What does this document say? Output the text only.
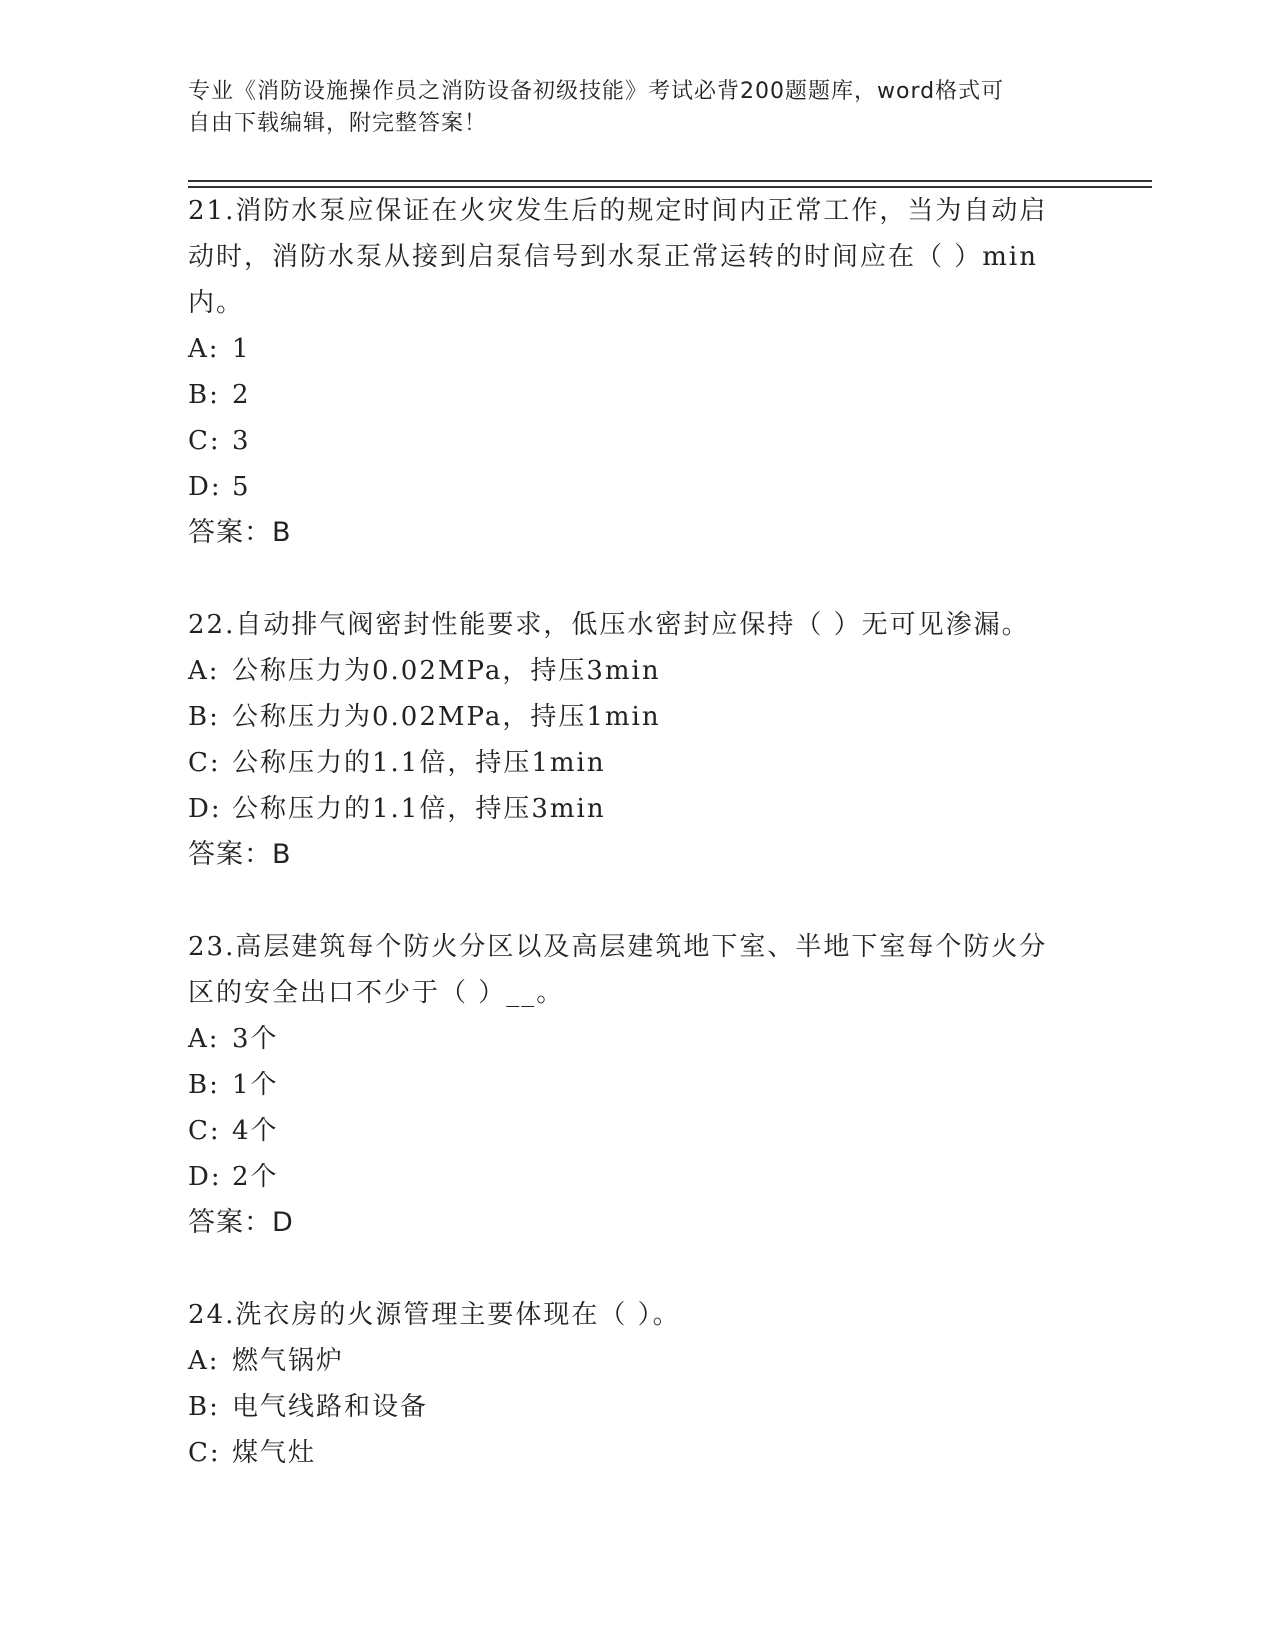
专业《消防设施操作员之消防设备初级技能》考试必背200题题库，word格式可
自由下载编辑，附完整答案！
21.消防水泵应保证在火灾发生后的规定时间内正常工作，当为自动启
动时，消防水泵从接到启泵信号到水泵正常运转的时间应在（ ）min
内。
A: 1
B: 2
C: 3
D: 5
答案：B
22.自动排气阀密封性能要求，低压水密封应保持（ ）无可见渗漏。
A: 公称压力为0.02MPa，持压3min
B: 公称压力为0.02MPa，持压1min
C: 公称压力的1.1倍，持压1min
D: 公称压力的1.1倍，持压3min
答案：B
23.高层建筑每个防火分区以及高层建筑地下室、半地下室每个防火分
区的安全出口不少于（ ）__。
A: 3个
B: 1个
C: 4个
D: 2个
答案：D
24.洗衣房的火源管理主要体现在（ ）。
A: 燃气锅炉
B: 电气线路和设备
C: 煤气灶
